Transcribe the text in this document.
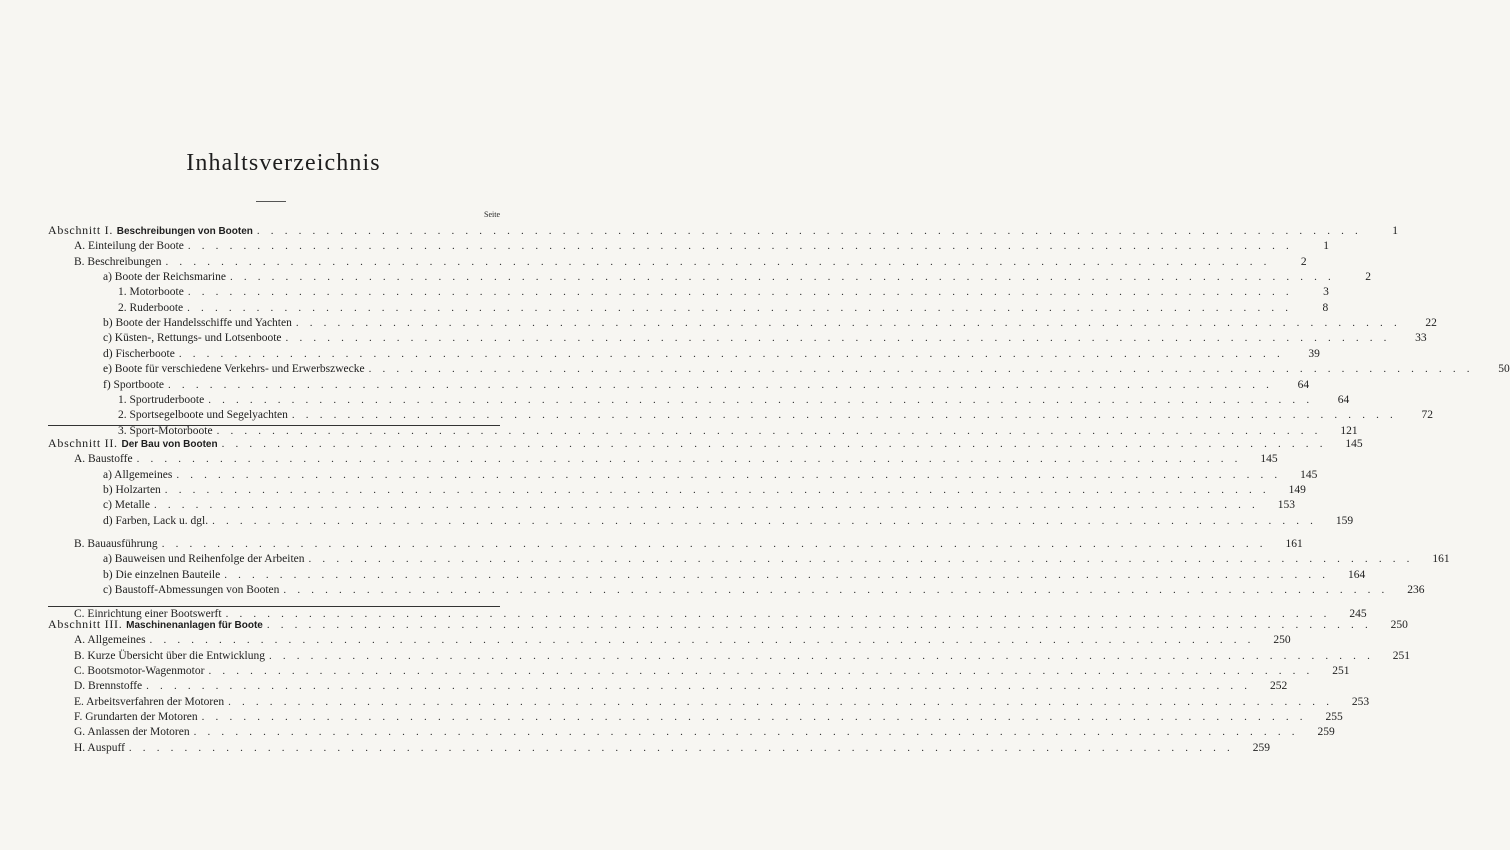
Inhaltsverzeichnis
Seite
Abschnitt I. Beschreibungen von Booten . . . . . . . . . . . . . . . . . . . . . . . . . . . . . . . . . . . . . . . . . . . . . . . . . . . . . . . . . . . . . . . . . . . . . . . . . . . . . . . .	1
A. Einteilung der Boote . . . . . . . . . . . . . . . . . . . . . . . . . . . . . . . . . . . . . . . . . . . . . . . . . . . . . . . . . . . . . . . . . . . . . . . . . . . . . . . .	1
B. Beschreibungen . . . . . . . . . . . . . . . . . . . . . . . . . . . . . . . . . . . . . . . . . . . . . . . . . . . . . . . . . . . . . . . . . . . . . . . . . . . . . . . .	2
a) Boote der Reichsmarine . . . . . . . . . . . . . . . . . . . . . . . . . . . . . . . . . . . . . . . . . . . . . . . . . . . . . . . . . . . . . . . . . . . . . . . . . . . . . . . .	2
1. Motorboote . . . . . . . . . . . . . . . . . . . . . . . . . . . . . . . . . . . . . . . . . . . . . . . . . . . . . . . . . . . . . . . . . . . . . . . . . . . . . . . .	3
2. Ruderboote . . . . . . . . . . . . . . . . . . . . . . . . . . . . . . . . . . . . . . . . . . . . . . . . . . . . . . . . . . . . . . . . . . . . . . . . . . . . . . . .	8
b) Boote der Handelsschiffe und Yachten . . . . . . . . . . . . . . . . . . . . . . . . . . . . . . . . . . . . . . . . . . . . . . . . . . . . . . . . . . . . . . . . . . . . . . . . . . . . . . . .	22
c) Küsten-, Rettungs- und Lotsenboote . . . . . . . . . . . . . . . . . . . . . . . . . . . . . . . . . . . . . . . . . . . . . . . . . . . . . . . . . . . . . . . . . . . . . . . . . . . . . . . .	33
d) Fischerboote . . . . . . . . . . . . . . . . . . . . . . . . . . . . . . . . . . . . . . . . . . . . . . . . . . . . . . . . . . . . . . . . . . . . . . . . . . . . . . . .	39
e) Boote für verschiedene Verkehrs- und Erwerbszwecke . . . . . . . . . . . . . . . . . . . . . . . . . . . . . . . . . . . . . . . . . . . . . . . . . . . . . . . . . . . . . . . . . . . . . . . . . . . . . . . .	50
f) Sportboote . . . . . . . . . . . . . . . . . . . . . . . . . . . . . . . . . . . . . . . . . . . . . . . . . . . . . . . . . . . . . . . . . . . . . . . . . . . . . . . .	64
1. Sportruderboote . . . . . . . . . . . . . . . . . . . . . . . . . . . . . . . . . . . . . . . . . . . . . . . . . . . . . . . . . . . . . . . . . . . . . . . . . . . . . . . .	64
2. Sportsegelboote und Segelyachten . . . . . . . . . . . . . . . . . . . . . . . . . . . . . . . . . . . . . . . . . . . . . . . . . . . . . . . . . . . . . . . . . . . . . . . . . . . . . . . .	72
3. Sport-Motorboote . . . . . . . . . . . . . . . . . . . . . . . . . . . . . . . . . . . . . . . . . . . . . . . . . . . . . . . . . . . . . . . . . . . . . . . . . . . . . . . .	121
Abschnitt II. Der Bau von Booten . . . . . . . . . . . . . . . . . . . . . . . . . . . . . . . . . . . . . . . . . . . . . . . . . . . . . . . . . . . . . . . . . . . . . . . . . . . . . . . .	145
A. Baustoffe . . . . . . . . . . . . . . . . . . . . . . . . . . . . . . . . . . . . . . . . . . . . . . . . . . . . . . . . . . . . . . . . . . . . . . . . . . . . . . . .	145
a) Allgemeines . . . . . . . . . . . . . . . . . . . . . . . . . . . . . . . . . . . . . . . . . . . . . . . . . . . . . . . . . . . . . . . . . . . . . . . . . . . . . . . .	145
b) Holzarten . . . . . . . . . . . . . . . . . . . . . . . . . . . . . . . . . . . . . . . . . . . . . . . . . . . . . . . . . . . . . . . . . . . . . . . . . . . . . . . .	149
c) Metalle . . . . . . . . . . . . . . . . . . . . . . . . . . . . . . . . . . . . . . . . . . . . . . . . . . . . . . . . . . . . . . . . . . . . . . . . . . . . . . . .	153
d) Farben, Lack u. dgl. . . . . . . . . . . . . . . . . . . . . . . . . . . . . . . . . . . . . . . . . . . . . . . . . . . . . . . . . . . . . . . . . . . . . . . . . . . . . . . . .	159
B. Bauausführung . . . . . . . . . . . . . . . . . . . . . . . . . . . . . . . . . . . . . . . . . . . . . . . . . . . . . . . . . . . . . . . . . . . . . . . . . . . . . . . .	161
a) Bauweisen und Reihenfolge der Arbeiten . . . . . . . . . . . . . . . . . . . . . . . . . . . . . . . . . . . . . . . . . . . . . . . . . . . . . . . . . . . . . . . . . . . . . . . . . . . . . . . .	161
b) Die einzelnen Bauteile . . . . . . . . . . . . . . . . . . . . . . . . . . . . . . . . . . . . . . . . . . . . . . . . . . . . . . . . . . . . . . . . . . . . . . . . . . . . . . . .	164
c) Baustoff-Abmessungen von Booten . . . . . . . . . . . . . . . . . . . . . . . . . . . . . . . . . . . . . . . . . . . . . . . . . . . . . . . . . . . . . . . . . . . . . . . . . . . . . . . .	236
C. Einrichtung einer Bootswerft . . . . . . . . . . . . . . . . . . . . . . . . . . . . . . . . . . . . . . . . . . . . . . . . . . . . . . . . . . . . . . . . . . . . . . . . . . . . . . . .	245
Abschnitt III. Maschinenanlagen für Boote . . . . . . . . . . . . . . . . . . . . . . . . . . . . . . . . . . . . . . . . . . . . . . . . . . . . . . . . . . . . . . . . . . . . . . . . . . . . . . . .	250
A. Allgemeines . . . . . . . . . . . . . . . . . . . . . . . . . . . . . . . . . . . . . . . . . . . . . . . . . . . . . . . . . . . . . . . . . . . . . . . . . . . . . . . .	250
B. Kurze Übersicht über die Entwicklung . . . . . . . . . . . . . . . . . . . . . . . . . . . . . . . . . . . . . . . . . . . . . . . . . . . . . . . . . . . . . . . . . . . . . . . . . . . . . . . .	251
C. Bootsmotor-Wagenmotor . . . . . . . . . . . . . . . . . . . . . . . . . . . . . . . . . . . . . . . . . . . . . . . . . . . . . . . . . . . . . . . . . . . . . . . . . . . . . . . .	251
D. Brennstoffe . . . . . . . . . . . . . . . . . . . . . . . . . . . . . . . . . . . . . . . . . . . . . . . . . . . . . . . . . . . . . . . . . . . . . . . . . . . . . . . .	252
E. Arbeitsverfahren der Motoren . . . . . . . . . . . . . . . . . . . . . . . . . . . . . . . . . . . . . . . . . . . . . . . . . . . . . . . . . . . . . . . . . . . . . . . . . . . . . . . .	253
F. Grundarten der Motoren . . . . . . . . . . . . . . . . . . . . . . . . . . . . . . . . . . . . . . . . . . . . . . . . . . . . . . . . . . . . . . . . . . . . . . . . . . . . . . . .	255
G. Anlassen der Motoren . . . . . . . . . . . . . . . . . . . . . . . . . . . . . . . . . . . . . . . . . . . . . . . . . . . . . . . . . . . . . . . . . . . . . . . . . . . . . . . .	259
H. Auspuff . . . . . . . . . . . . . . . . . . . . . . . . . . . . . . . . . . . . . . . . . . . . . . . . . . . . . . . . . . . . . . . . . . . . . . . . . . . . . . . .	259
